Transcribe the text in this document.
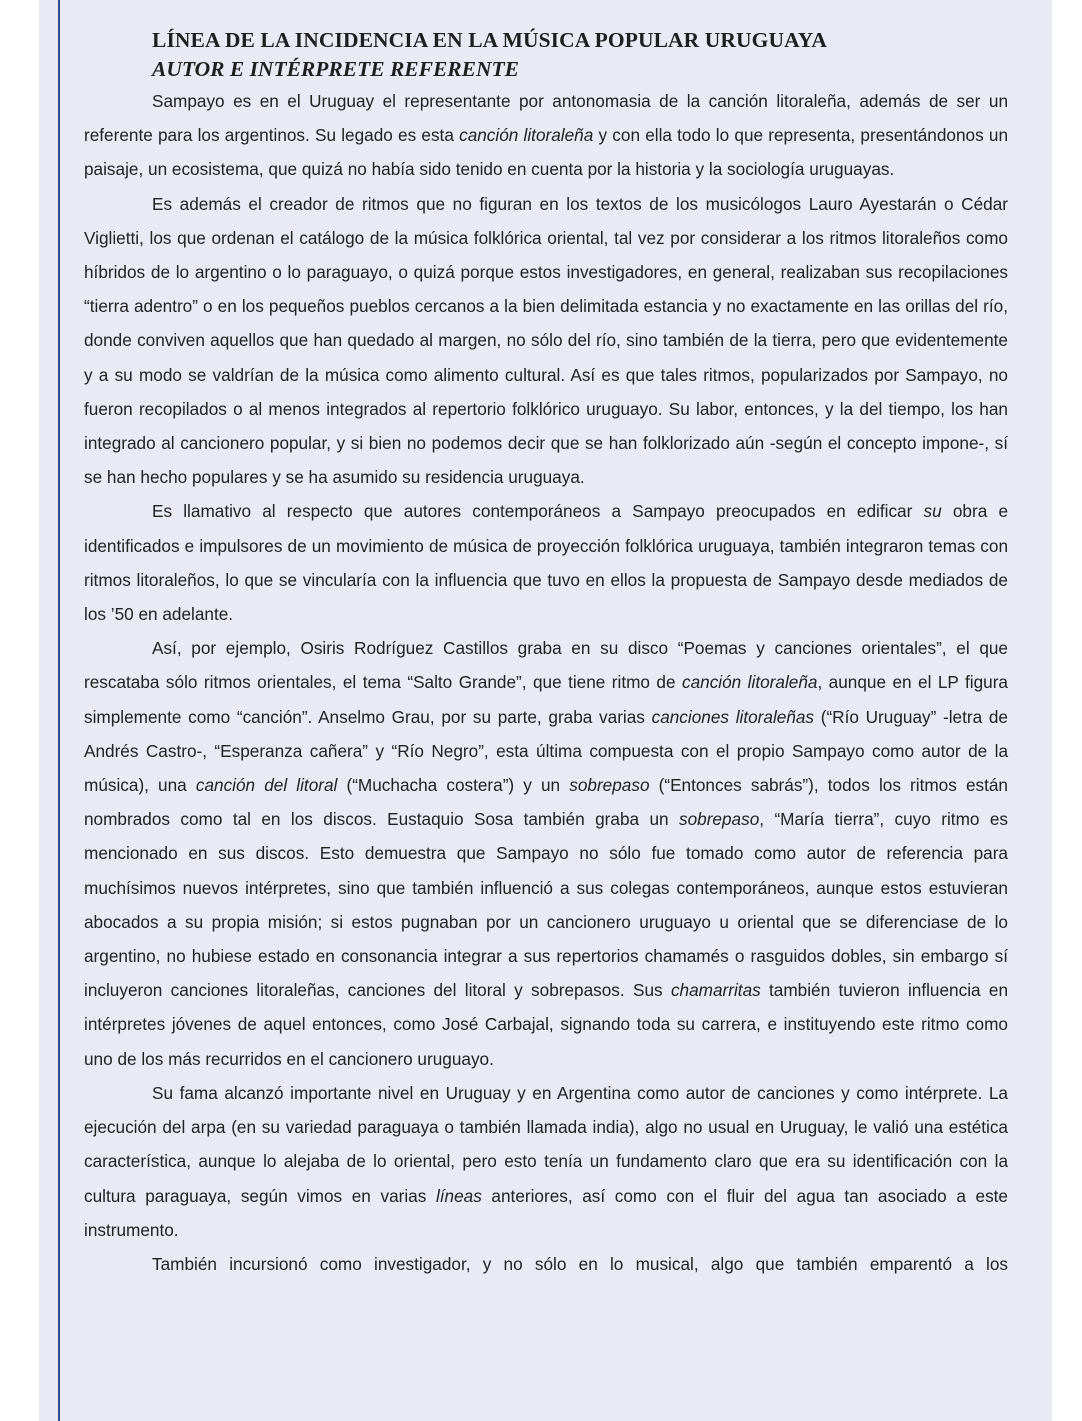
LÍNEA DE LA INCIDENCIA EN LA MÚSICA POPULAR URUGUAYA
AUTOR E INTÉRPRETE REFERENTE

Sampayo es en el Uruguay el representante por antonomasia de la canción litoraleña, además de ser un referente para los argentinos. Su legado es esta canción litoraleña y con ella todo lo que representa, presentándonos un paisaje, un ecosistema, que quizá no había sido tenido en cuenta por la historia y la sociología uruguayas.

Es además el creador de ritmos que no figuran en los textos de los musicólogos Lauro Ayestarán o Cédar Viglietti, los que ordenan el catálogo de la música folklórica oriental, tal vez por considerar a los ritmos litoraleños como híbridos de lo argentino o lo paraguayo, o quizá porque estos investigadores, en general, realizaban sus recopilaciones “tierra adentro” o en los pequeños pueblos cercanos a la bien delimitada estancia y no exactamente en las orillas del río, donde conviven aquellos que han quedado al margen, no sólo del río, sino también de la tierra, pero que evidentemente y a su modo se valdrían de la música como alimento cultural. Así es que tales ritmos, popularizados por Sampayo, no fueron recopilados o al menos integrados al repertorio folklórico uruguayo. Su labor, entonces, y la del tiempo, los han integrado al cancionero popular, y si bien no podemos decir que se han folklorizado aún -según el concepto impone-, sí se han hecho populares y se ha asumido su residencia uruguaya.

Es llamativo al respecto que autores contemporáneos a Sampayo preocupados en edificar su obra e identificados e impulsores de un movimiento de música de proyección folklórica uruguaya, también integraron temas con ritmos litoraleños, lo que se vincularía con la influencia que tuvo en ellos la propuesta de Sampayo desde mediados de los ’50 en adelante.

Así, por ejemplo, Osiris Rodríguez Castillos graba en su disco “Poemas y canciones orientales”, el que rescataba sólo ritmos orientales, el tema “Salto Grande”, que tiene ritmo de canción litoraleña, aunque en el LP figura simplemente como “canción”. Anselmo Grau, por su parte, graba varias canciones litoraleñas (“Río Uruguay” -letra de Andrés Castro-, “Esperanza cañera” y “Río Negro”, esta última compuesta con el propio Sampayo como autor de la música), una canción del litoral (“Muchacha costera”) y un sobrepaso (“Entonces sabrás”), todos los ritmos están nombrados como tal en los discos. Eustaquio Sosa también graba un sobrepaso, “María tierra”, cuyo ritmo es mencionado en sus discos. Esto demuestra que Sampayo no sólo fue tomado como autor de referencia para muchísimos nuevos intérpretes, sino que también influenció a sus colegas contemporáneos, aunque estos estuvieran abocados a su propia misión; si estos pugnaban por un cancionero uruguayo u oriental que se diferenciase de lo argentino, no hubiese estado en consonancia integrar a sus repertorios chamamés o rasguidos dobles, sin embargo sí incluyeron canciones litoraleñas, canciones del litoral y sobrepasos. Sus chamarritas también tuvieron influencia en intérpretes jóvenes de aquel entonces, como José Carbajal, signando toda su carrera, e instituyendo este ritmo como uno de los más recurridos en el cancionero uruguayo.

Su fama alcanzó importante nivel en Uruguay y en Argentina como autor de canciones y como intérprete. La ejecución del arpa (en su variedad paraguaya o también llamada india), algo no usual en Uruguay, le valió una estética característica, aunque lo alejaba de lo oriental, pero esto tenía un fundamento claro que era su identificación con la cultura paraguaya, según vimos en varias líneas anteriores, así como con el fluir del agua tan asociado a este instrumento.

También incursionó como investigador, y no sólo en lo musical, algo que también emparentó a los
